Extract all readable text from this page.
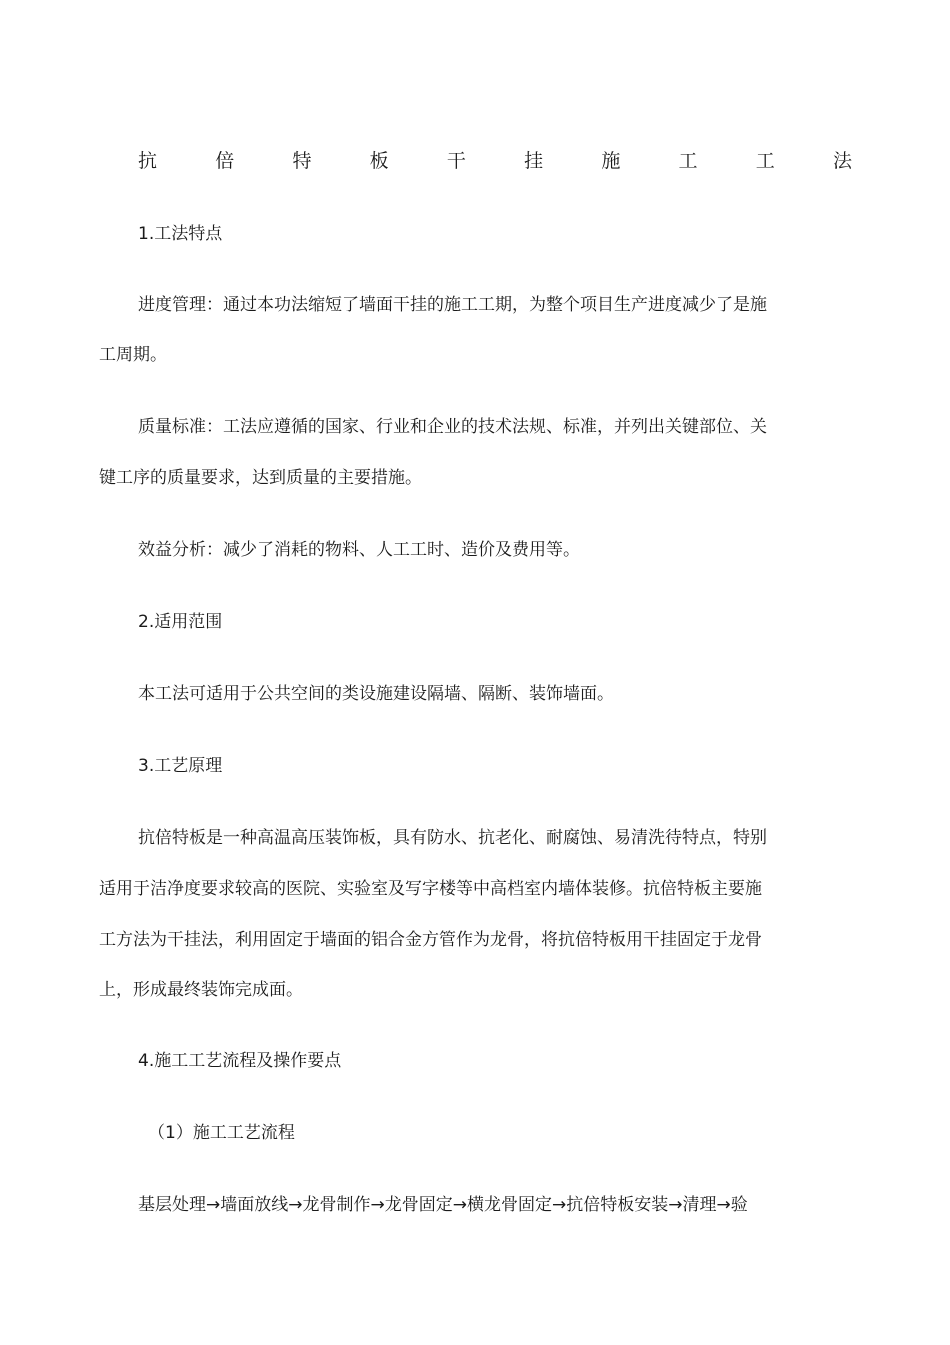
抗	倍	特	板	干	挂	施	工	工	法
1.工法特点
进度管理：通过本功法缩短了墙面干挂的施工工期，为整个项目生产进度减少了是施
工周期。
质量标准：工法应遵循的国家、行业和企业的技术法规、标准，并列出关键部位、关
键工序的质量要求，达到质量的主要措施。
效益分析：减少了消耗的物料、人工工时、造价及费用等。
2.适用范围
本工法可适用于公共空间的类设施建设隔墙、隔断、装饰墙面。
3.工艺原理
抗倍特板是一种高温高压装饰板，具有防水、抗老化、耐腐蚀、易清洗待特点，特别
适用于洁净度要求较高的医院、实验室及写字楼等中高档室内墙体装修。抗倍特板主要施
工方法为干挂法，利用固定于墙面的铝合金方管作为龙骨，将抗倍特板用干挂固定于龙骨
上，形成最终装饰完成面。
4.施工工艺流程及操作要点
（1）施工工艺流程
基层处理→墙面放线→龙骨制作→龙骨固定→横龙骨固定→抗倍特板安装→清理→验
